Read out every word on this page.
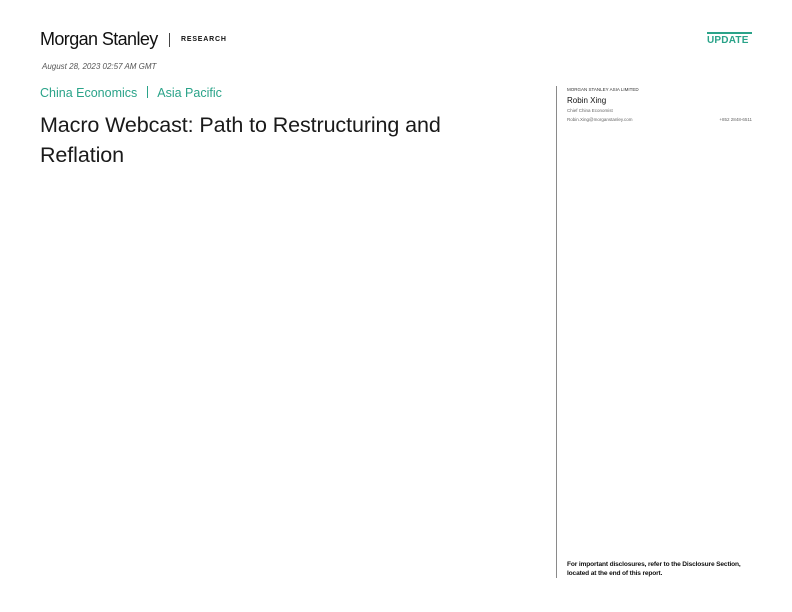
Morgan Stanley	RESEARCH	UPDATE
August 28, 2023 02:57 AM GMT
China Economics Asia Pacific
Macro Webcast: Path to Restructuring and Reflation
MORGAN STANLEY ASIA LIMITED
Robin Xing
Chief China Economist
Robin.Xing@morganstanley.com	+852 2848-6511
For important disclosures, refer to the Disclosure Section, located at the end of this report.
